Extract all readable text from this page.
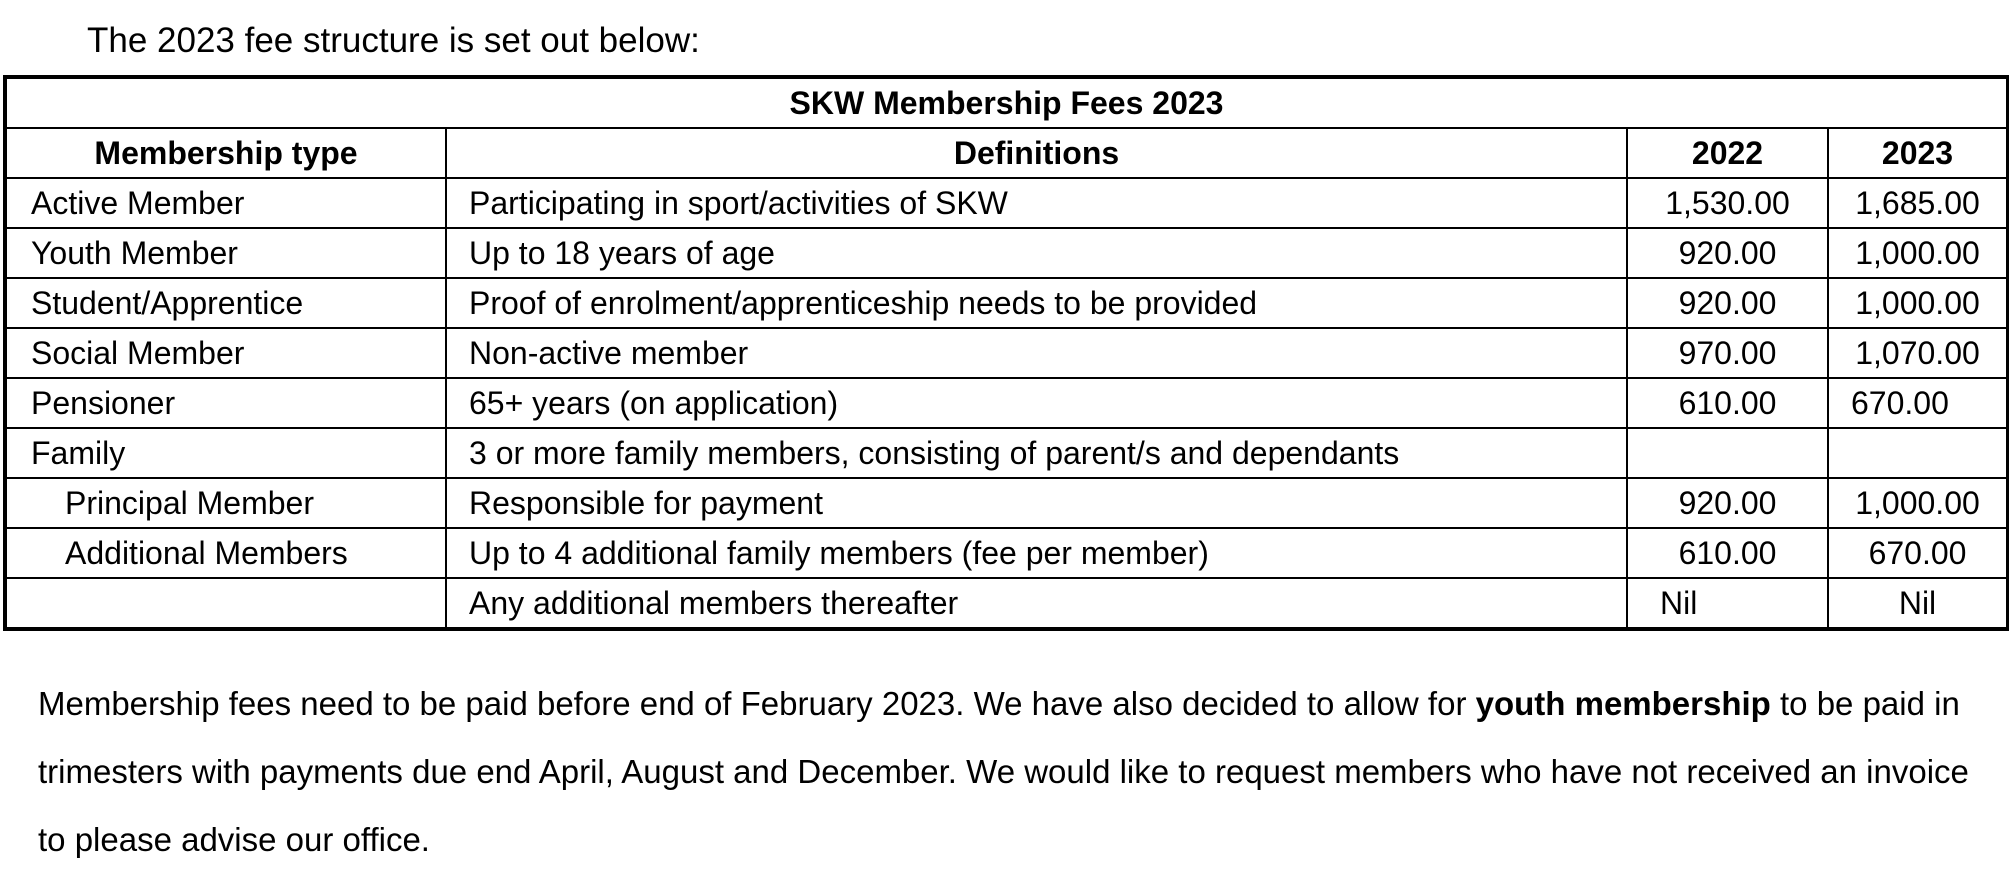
The 2023 fee structure is set out below:
SKW Membership Fees 2023			
Membership type	Definitions	2022	2023
Active Member	Participating in sport/activities of SKW	1,530.00	1,685.00
Youth Member	Up to 18 years of age	920.00	1,000.00
Student/Apprentice	Proof of enrolment/apprenticeship needs to be provided	920.00	1,000.00
Social Member	Non-active member	970.00	1,070.00
Pensioner	65+ years (on application)	610.00	670.00
Family	3 or more family members, consisting of parent/s and dependants		
Principal Member	Responsible for payment	920.00	1,000.00
Additional Members	Up to 4 additional family members (fee per member)	610.00	670.00
	Any additional members thereafter	Nil	Nil
Membership fees need to be paid before end of February 2023. We have also decided to allow for youth membership to be paid in trimesters with payments due end April, August and December. We would like to request members who have not received an invoice to please advise our office.
